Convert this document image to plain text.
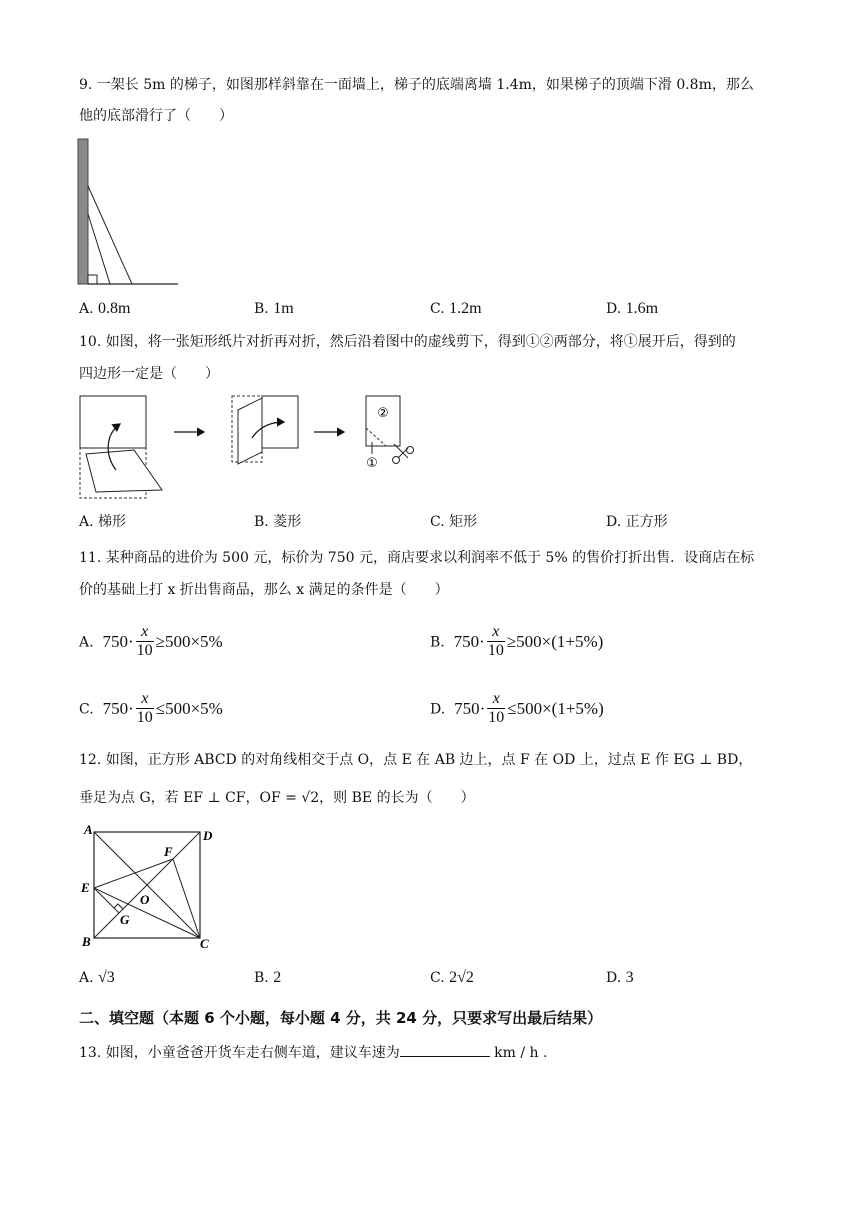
9. 一架长 5m 的梯子，如图那样斜靠在一面墙上，梯子的底端离墙 1.4m，如果梯子的顶端下滑 0.8m，那么
他的底部滑行了（　　）
A. 0.8m	B. 1m	C. 1.2m	D. 1.6m
10. 如图，将一张矩形纸片对折再对折，然后沿着图中的虚线剪下，得到①②两部分，将①展开后，得到的
四边形一定是（　　）
②
①
A. 梯形	B. 菱形	C. 矩形	D. 正方形
11. 某种商品的进价为 500 元，标价为 750 元，商店要求以利润率不低于 5% 的售价打折出售．设商店在标
价的基础上打 x 折出售商品，那么 x 满足的条件是（　　）
A. $750\cdot \frac{x}{10} \ge 500\times 5\%$	B. $750\cdot \frac{x}{10} \ge 500\times(1+5\%)$
C. $750\cdot \frac{x}{10} \le 500\times 5\%$	D. $750\cdot \frac{x}{10} \le 500\times(1+5\%)$
12. 如图，正方形 ABCD 的对角线相交于点 O，点 E 在 AB 边上，点 F 在 OD 上，过点 E 作 EG ⊥ BD，
垂足为点 G，若 EF ⊥ CF，OF = √2，则 BE 的长为（　　）
A	D
B	C
E
F
G
O
A. √3	B. 2	C. 2√2	D. 3
二、填空题（本题 6 个小题，每小题 4 分，共 24 分，只要求写出最后结果）
13. 如图，小童爸爸开货车走右侧车道，建议车速为	km / h .
